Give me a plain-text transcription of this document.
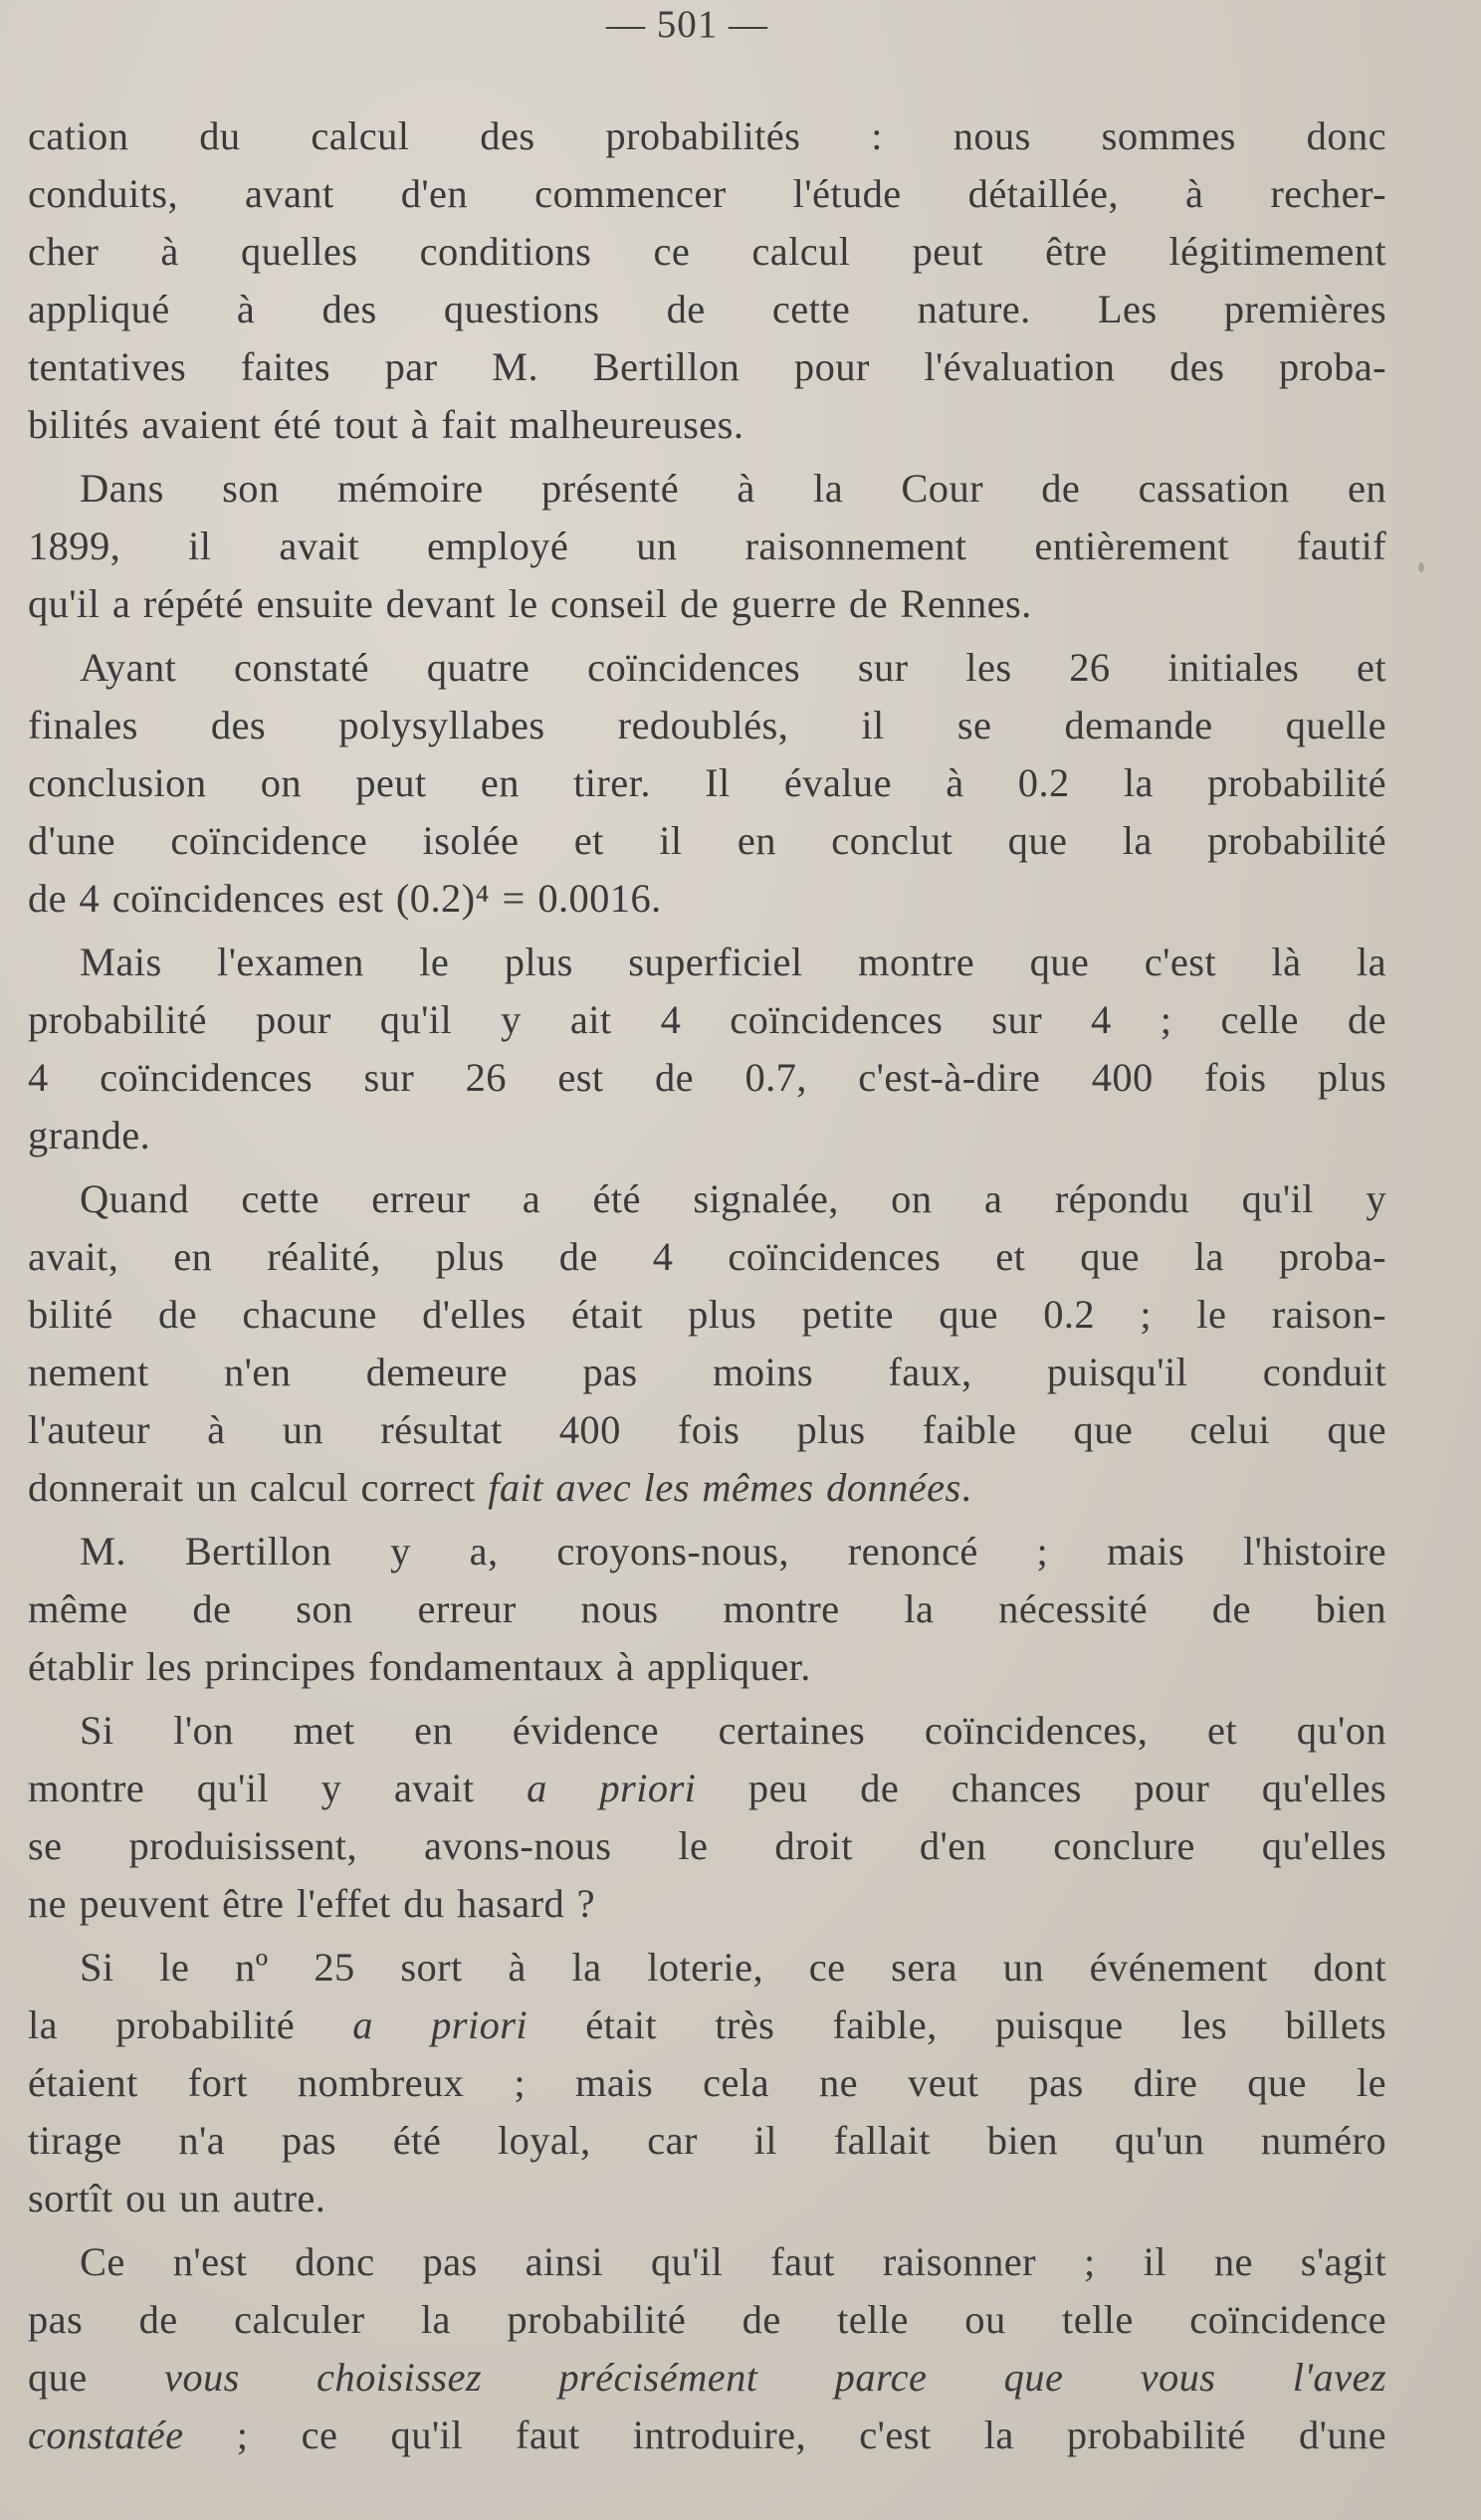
— 501 —

cation du calcul des probabilités : nous sommes donc
conduits, avant d'en commencer l'étude détaillée, à recher-
cher à quelles conditions ce calcul peut être légitimement
appliqué à des questions de cette nature. Les premières
tentatives faites par M. Bertillon pour l'évaluation des proba-
bilités avaient été tout à fait malheureuses.

Dans son mémoire présenté à la Cour de cassation en
1899, il avait employé un raisonnement entièrement fautif
qu'il a répété ensuite devant le conseil de guerre de Rennes.

Ayant constaté quatre coïncidences sur les 26 initiales et
finales des polysyllabes redoublés, il se demande quelle
conclusion on peut en tirer. Il évalue à 0.2 la probabilité
d'une coïncidence isolée et il en conclut que la probabilité
de 4 coïncidences est (0.2)⁴ = 0.0016.

Mais l'examen le plus superficiel montre que c'est là la
probabilité pour qu'il y ait 4 coïncidences sur 4 ; celle de
4 coïncidences sur 26 est de 0.7, c'est-à-dire 400 fois plus
grande.

Quand cette erreur a été signalée, on a répondu qu'il y
avait, en réalité, plus de 4 coïncidences et que la proba-
bilité de chacune d'elles était plus petite que 0.2 ; le raison-
nement n'en demeure pas moins faux, puisqu'il conduit
l'auteur à un résultat 400 fois plus faible que celui que
donnerait un calcul correct fait avec les mêmes données.

M. Bertillon y a, croyons-nous, renoncé ; mais l'histoire
même de son erreur nous montre la nécessité de bien
établir les principes fondamentaux à appliquer.

Si l'on met en évidence certaines coïncidences, et qu'on
montre qu'il y avait a priori peu de chances pour qu'elles
se produisissent, avons-nous le droit d'en conclure qu'elles
ne peuvent être l'effet du hasard ?

Si le nº 25 sort à la loterie, ce sera un événement dont
la probabilité a priori était très faible, puisque les billets
étaient fort nombreux ; mais cela ne veut pas dire que le
tirage n'a pas été loyal, car il fallait bien qu'un numéro
sortît ou un autre.

Ce n'est donc pas ainsi qu'il faut raisonner ; il ne s'agit
pas de calculer la probabilité de telle ou telle coïncidence
que vous choisissez précisément parce que vous l'avez
constatée ; ce qu'il faut introduire, c'est la probabilité d'une
